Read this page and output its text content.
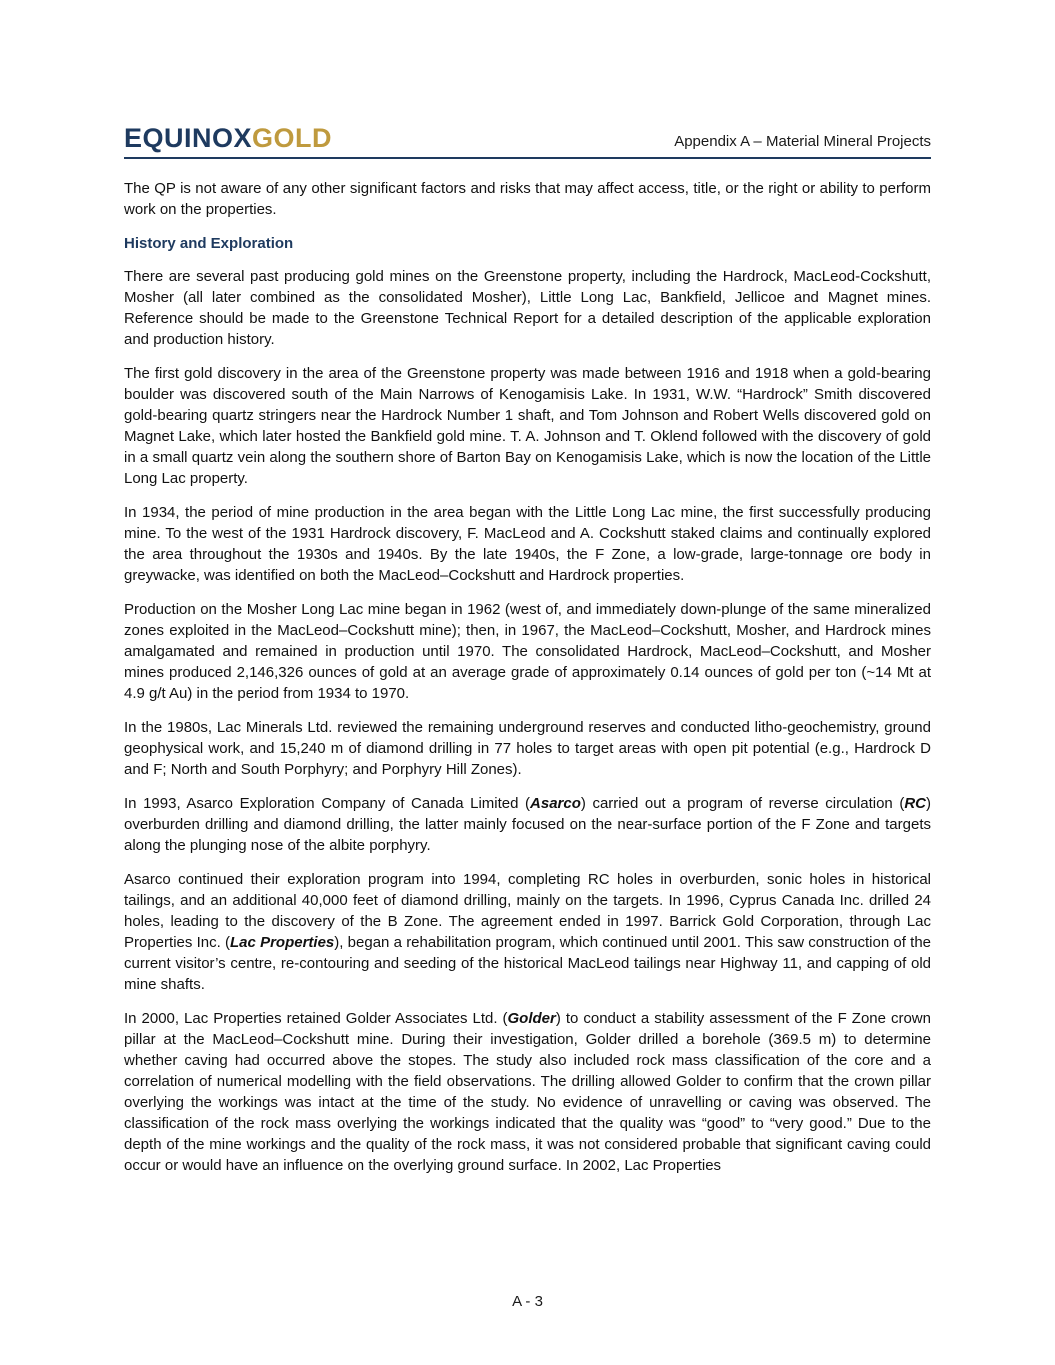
EQUINOXGOLD	Appendix A – Material Mineral Projects

The QP is not aware of any other significant factors and risks that may affect access, title, or the right or ability to perform work on the properties.

History and Exploration

There are several past producing gold mines on the Greenstone property, including the Hardrock, MacLeod-Cockshutt, Mosher (all later combined as the consolidated Mosher), Little Long Lac, Bankfield, Jellicoe and Magnet mines. Reference should be made to the Greenstone Technical Report for a detailed description of the applicable exploration and production history.

The first gold discovery in the area of the Greenstone property was made between 1916 and 1918 when a gold-bearing boulder was discovered south of the Main Narrows of Kenogamisis Lake. In 1931, W.W. “Hardrock” Smith discovered gold-bearing quartz stringers near the Hardrock Number 1 shaft, and Tom Johnson and Robert Wells discovered gold on Magnet Lake, which later hosted the Bankfield gold mine. T. A. Johnson and T. Oklend followed with the discovery of gold in a small quartz vein along the southern shore of Barton Bay on Kenogamisis Lake, which is now the location of the Little Long Lac property.

In 1934, the period of mine production in the area began with the Little Long Lac mine, the first successfully producing mine. To the west of the 1931 Hardrock discovery, F. MacLeod and A. Cockshutt staked claims and continually explored the area throughout the 1930s and 1940s. By the late 1940s, the F Zone, a low-grade, large-tonnage ore body in greywacke, was identified on both the MacLeod–Cockshutt and Hardrock properties.

Production on the Mosher Long Lac mine began in 1962 (west of, and immediately down-plunge of the same mineralized zones exploited in the MacLeod–Cockshutt mine); then, in 1967, the MacLeod–Cockshutt, Mosher, and Hardrock mines amalgamated and remained in production until 1970. The consolidated Hardrock, MacLeod–Cockshutt, and Mosher mines produced 2,146,326 ounces of gold at an average grade of approximately 0.14 ounces of gold per ton (~14 Mt at 4.9 g/t Au) in the period from 1934 to 1970.

In the 1980s, Lac Minerals Ltd. reviewed the remaining underground reserves and conducted litho-geochemistry, ground geophysical work, and 15,240 m of diamond drilling in 77 holes to target areas with open pit potential (e.g., Hardrock D and F; North and South Porphyry; and Porphyry Hill Zones).

In 1993, Asarco Exploration Company of Canada Limited (Asarco) carried out a program of reverse circulation (RC) overburden drilling and diamond drilling, the latter mainly focused on the near-surface portion of the F Zone and targets along the plunging nose of the albite porphyry.

Asarco continued their exploration program into 1994, completing RC holes in overburden, sonic holes in historical tailings, and an additional 40,000 feet of diamond drilling, mainly on the targets. In 1996, Cyprus Canada Inc. drilled 24 holes, leading to the discovery of the B Zone. The agreement ended in 1997. Barrick Gold Corporation, through Lac Properties Inc. (Lac Properties), began a rehabilitation program, which continued until 2001. This saw construction of the current visitor’s centre, re-contouring and seeding of the historical MacLeod tailings near Highway 11, and capping of old mine shafts.

In 2000, Lac Properties retained Golder Associates Ltd. (Golder) to conduct a stability assessment of the F Zone crown pillar at the MacLeod–Cockshutt mine. During their investigation, Golder drilled a borehole (369.5 m) to determine whether caving had occurred above the stopes. The study also included rock mass classification of the core and a correlation of numerical modelling with the field observations. The drilling allowed Golder to confirm that the crown pillar overlying the workings was intact at the time of the study. No evidence of unravelling or caving was observed. The classification of the rock mass overlying the workings indicated that the quality was “good” to “very good.” Due to the depth of the mine workings and the quality of the rock mass, it was not considered probable that significant caving could occur or would have an influence on the overlying ground surface. In 2002, Lac Properties

A - 3
